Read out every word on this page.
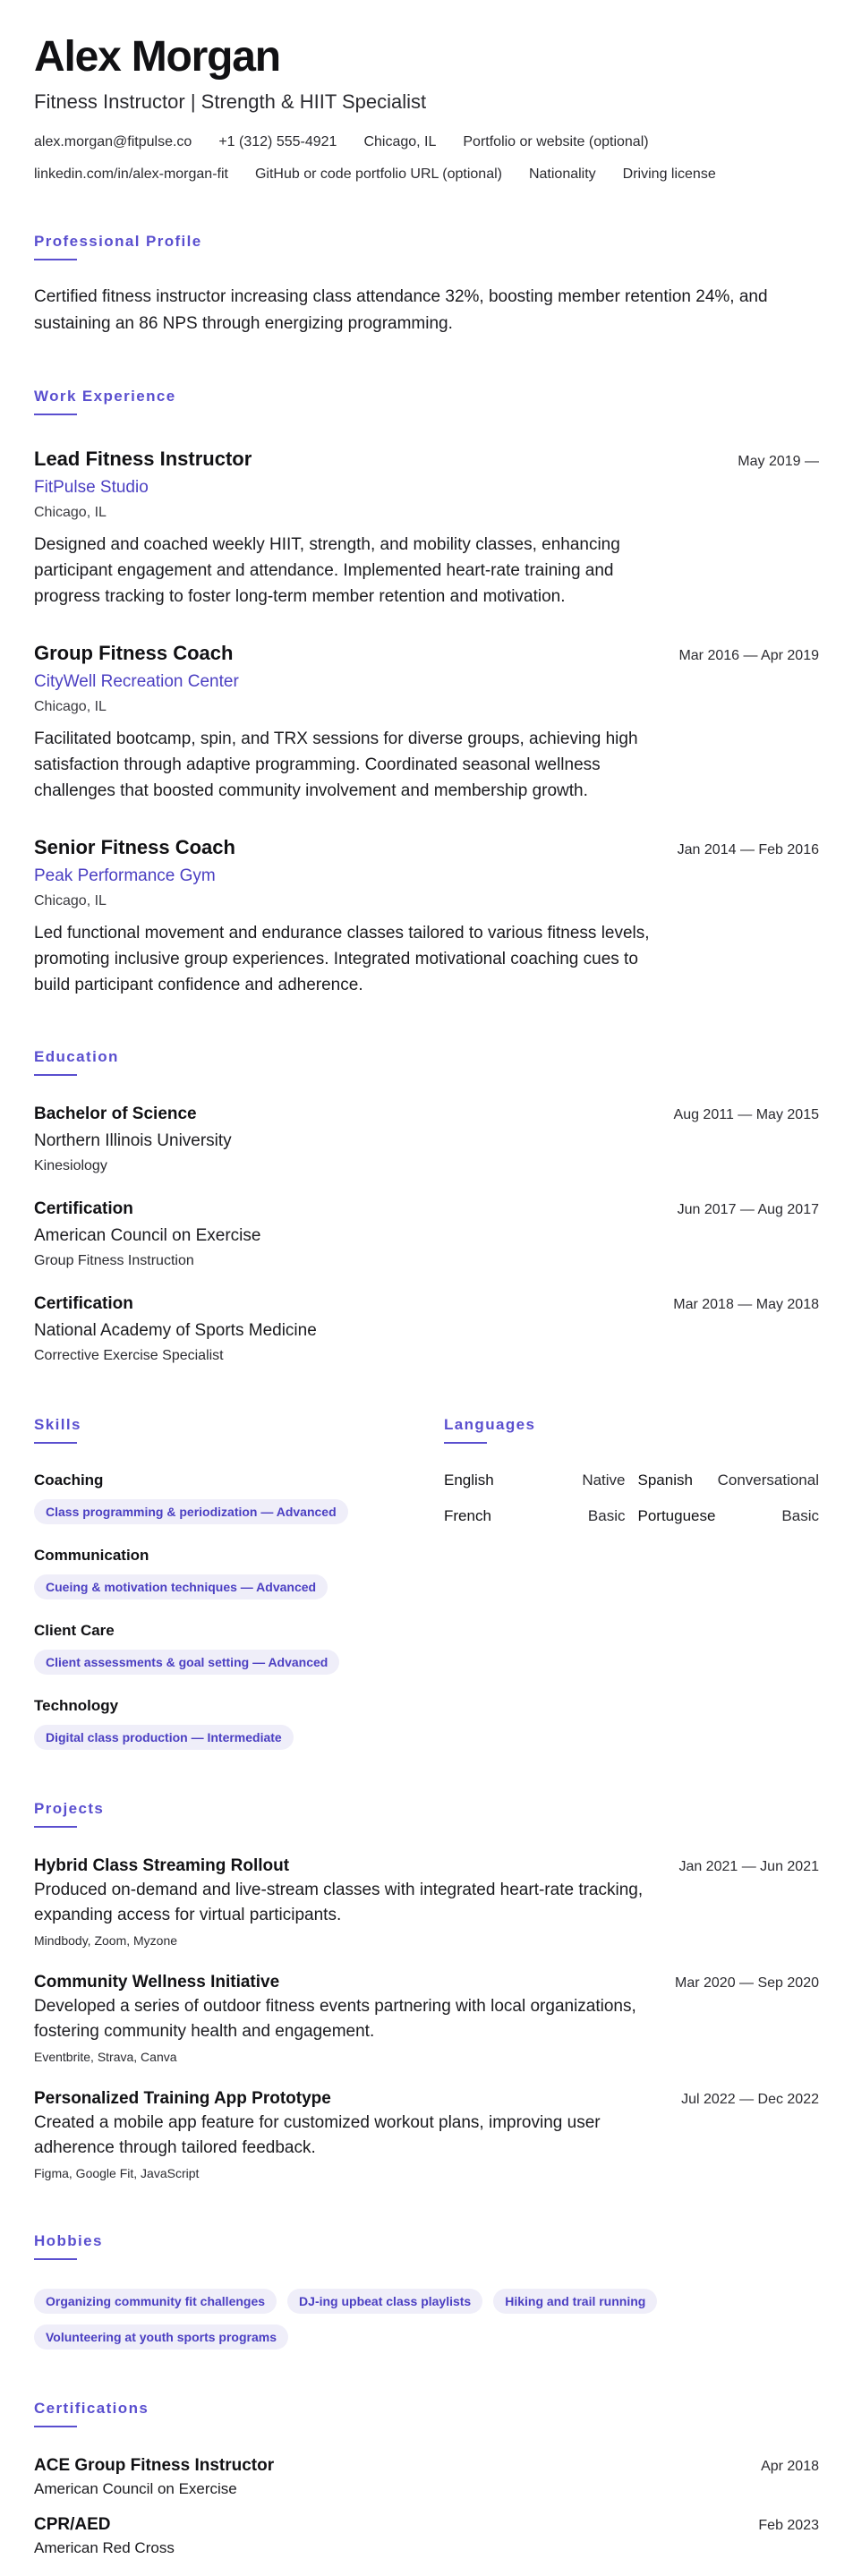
Alex Morgan
Fitness Instructor | Strength & HIIT Specialist
alex.morgan@fitpulse.co +1 (312) 555-4921 Chicago, IL Portfolio or website (optional)
linkedin.com/in/alex-morgan-fit GitHub or code portfolio URL (optional) Nationality Driving license
Professional Profile

Certified fitness instructor increasing class attendance 32%, boosting member retention 24%, and sustaining an 86 NPS through energizing programming.

Work Experience
Lead Fitness Instructor	May 2019 —
FitPulse Studio
Chicago, IL

Designed and coached weekly HIIT, strength, and mobility classes, enhancing participant engagement and attendance. Implemented heart-rate training and progress tracking to foster long-term member retention and motivation.

Group Fitness Coach	Mar 2016 — Apr 2019
CityWell Recreation Center
Chicago, IL

Facilitated bootcamp, spin, and TRX sessions for diverse groups, achieving high satisfaction through adaptive programming. Coordinated seasonal wellness challenges that boosted community involvement and membership growth.

Senior Fitness Coach	Jan 2014 — Feb 2016
Peak Performance Gym
Chicago, IL

Led functional movement and endurance classes tailored to various fitness levels, promoting inclusive group experiences. Integrated motivational coaching cues to build participant confidence and adherence.

Education
Bachelor of Science	Aug 2011 — May 2015
Northern Illinois University
Kinesiology
Certification	Jun 2017 — Aug 2017
American Council on Exercise
Group Fitness Instruction
Certification	Mar 2018 — May 2018
National Academy of Sports Medicine
Corrective Exercise Specialist
Skills
Coaching
Class programming & periodization — Advanced
Communication
Cueing & motivation techniques — Advanced
Client Care
Client assessments & goal setting — Advanced
Technology
Digital class production — Intermediate
Languages
English	Native Spanish Conversational
French	Basic Portuguese	Basic
Projects
Hybrid Class Streaming Rollout	Jan 2021 — Jun 2021

Produced on-demand and live-stream classes with integrated heart-rate tracking, expanding access for virtual participants.

Mindbody, Zoom, Myzone
Community Wellness Initiative	Mar 2020 — Sep 2020

Developed a series of outdoor fitness events partnering with local organizations, fostering community health and engagement.

Eventbrite, Strava, Canva
Personalized Training App Prototype	Jul 2022 — Dec 2022

Created a mobile app feature for customized workout plans, improving user adherence through tailored feedback.

Figma, Google Fit, JavaScript
Hobbies
Organizing community fit challenges	DJ-ing upbeat class playlists	Hiking and trail running
Volunteering at youth sports programs
Certifications
ACE Group Fitness Instructor	Apr 2018
American Council on Exercise
CPR/AED	Feb 2023
American Red Cross
